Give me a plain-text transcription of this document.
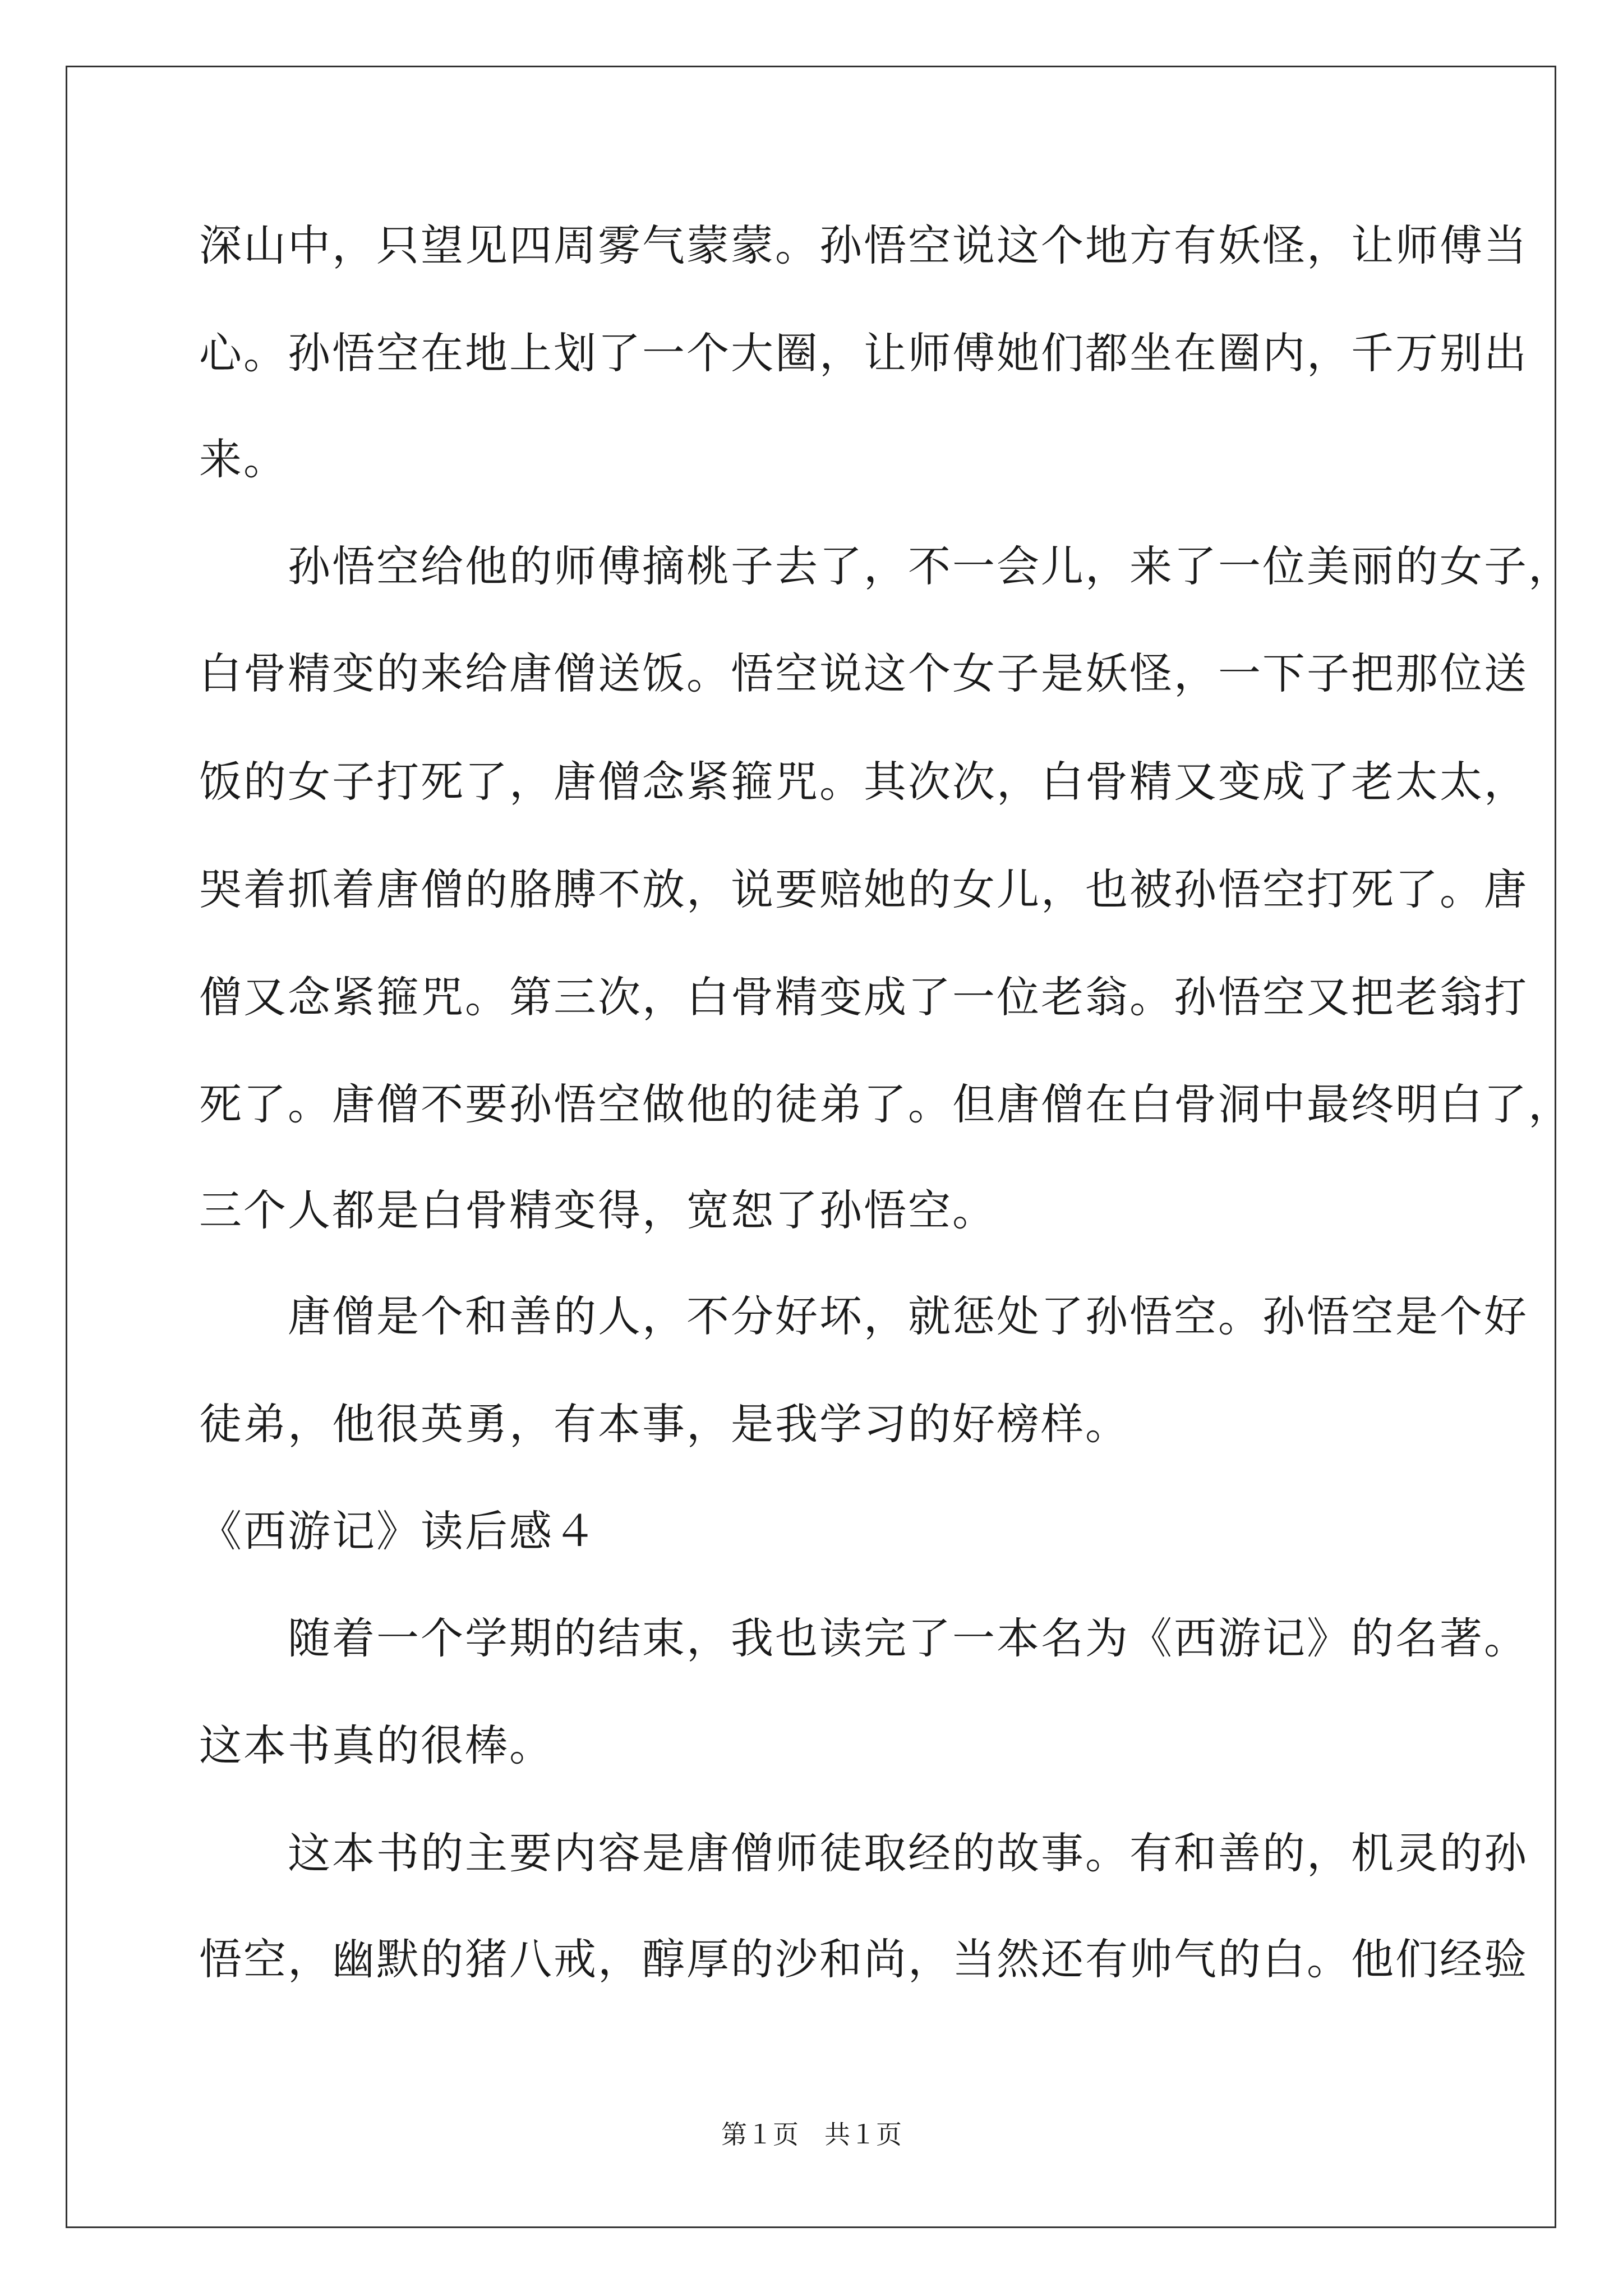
深山中，只望见四周雾气蒙蒙。孙悟空说这个地方有妖怪，让师傅当
心。孙悟空在地上划了一个大圈，让师傅她们都坐在圈内，千万别出
来。
　　孙悟空给他的师傅摘桃子去了，不一会儿，来了一位美丽的女子，
白骨精变的来给唐僧送饭。悟空说这个女子是妖怪，一下子把那位送
饭的女子打死了，唐僧念紧箍咒。其次次，白骨精又变成了老太太，
哭着抓着唐僧的胳膊不放，说要赔她的女儿，也被孙悟空打死了。唐
僧又念紧箍咒。第三次，白骨精变成了一位老翁。孙悟空又把老翁打
死了。唐僧不要孙悟空做他的徒弟了。但唐僧在白骨洞中最终明白了，
三个人都是白骨精变得，宽恕了孙悟空。
　　唐僧是个和善的人，不分好坏，就惩处了孙悟空。孙悟空是个好
徒弟，他很英勇，有本事，是我学习的好榜样。
《西游记》读后感４
　　随着一个学期的结束，我也读完了一本名为《西游记》的名著。
这本书真的很棒。
　　这本书的主要内容是唐僧师徒取经的故事。有和善的，机灵的孙
悟空，幽默的猪八戒，醇厚的沙和尚，当然还有帅气的白。他们经验
第１页　共１页
